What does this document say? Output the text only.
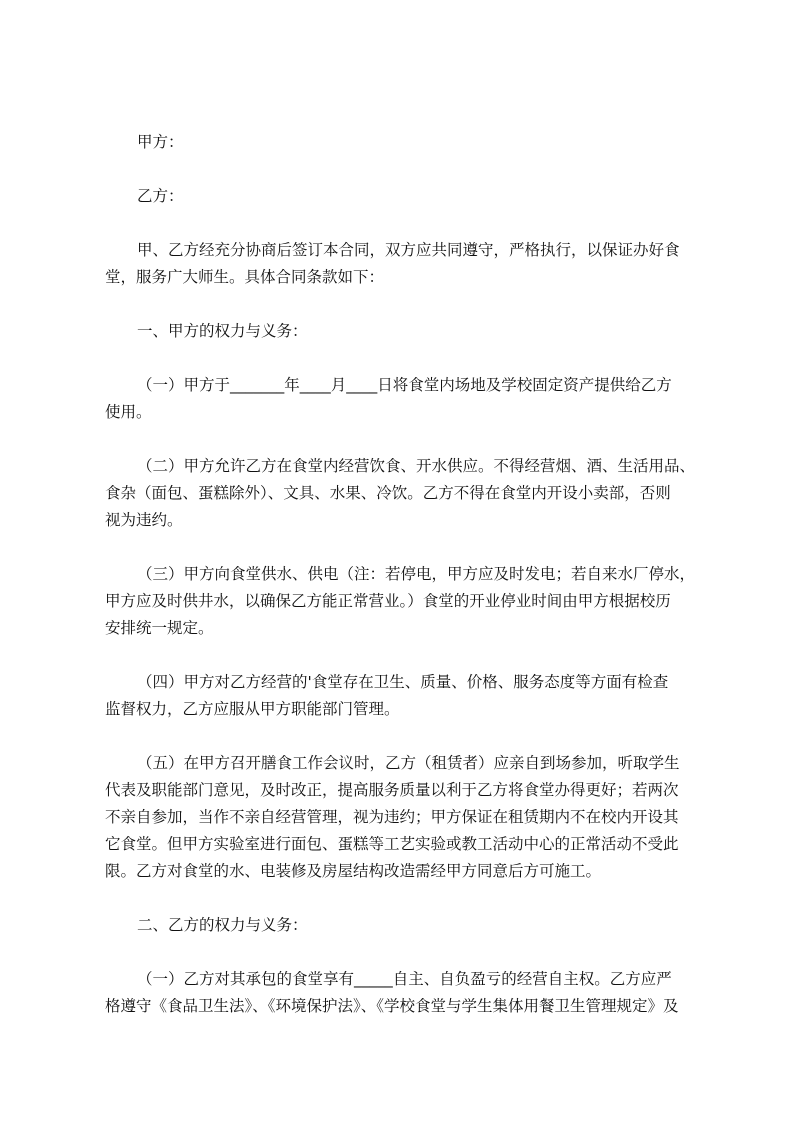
甲方：
乙方：
甲、乙方经充分协商后签订本合同，双方应共同遵守，严格执行，以保证办好食
堂，服务广大师生。具体合同条款如下：
一、甲方的权力与义务：
（一）甲方于_______年____月____日将食堂内场地及学校固定资产提供给乙方
使用。
（二）甲方允许乙方在食堂内经营饮食、开水供应。不得经营烟、酒、生活用品、
食杂（面包、蛋糕除外）、文具、水果、冷饮。乙方不得在食堂内开设小卖部，否则
视为违约。
（三）甲方向食堂供水、供电（注：若停电，甲方应及时发电；若自来水厂停水，
甲方应及时供井水，以确保乙方能正常营业。）食堂的开业停业时间由甲方根据校历
安排统一规定。
（四）甲方对乙方经营的'食堂存在卫生、质量、价格、服务态度等方面有检查
监督权力，乙方应服从甲方职能部门管理。
（五）在甲方召开膳食工作会议时，乙方（租赁者）应亲自到场参加，听取学生
代表及职能部门意见，及时改正，提高服务质量以利于乙方将食堂办得更好；若两次
不亲自参加，当作不亲自经营管理，视为违约；甲方保证在租赁期内不在校内开设其
它食堂。但甲方实验室进行面包、蛋糕等工艺实验或教工活动中心的正常活动不受此
限。乙方对食堂的水、电装修及房屋结构改造需经甲方同意后方可施工。
二、乙方的权力与义务：
（一）乙方对其承包的食堂享有_____自主、自负盈亏的经营自主权。乙方应严
格遵守《食品卫生法》、《环境保护法》、《学校食堂与学生集体用餐卫生管理规定》及
